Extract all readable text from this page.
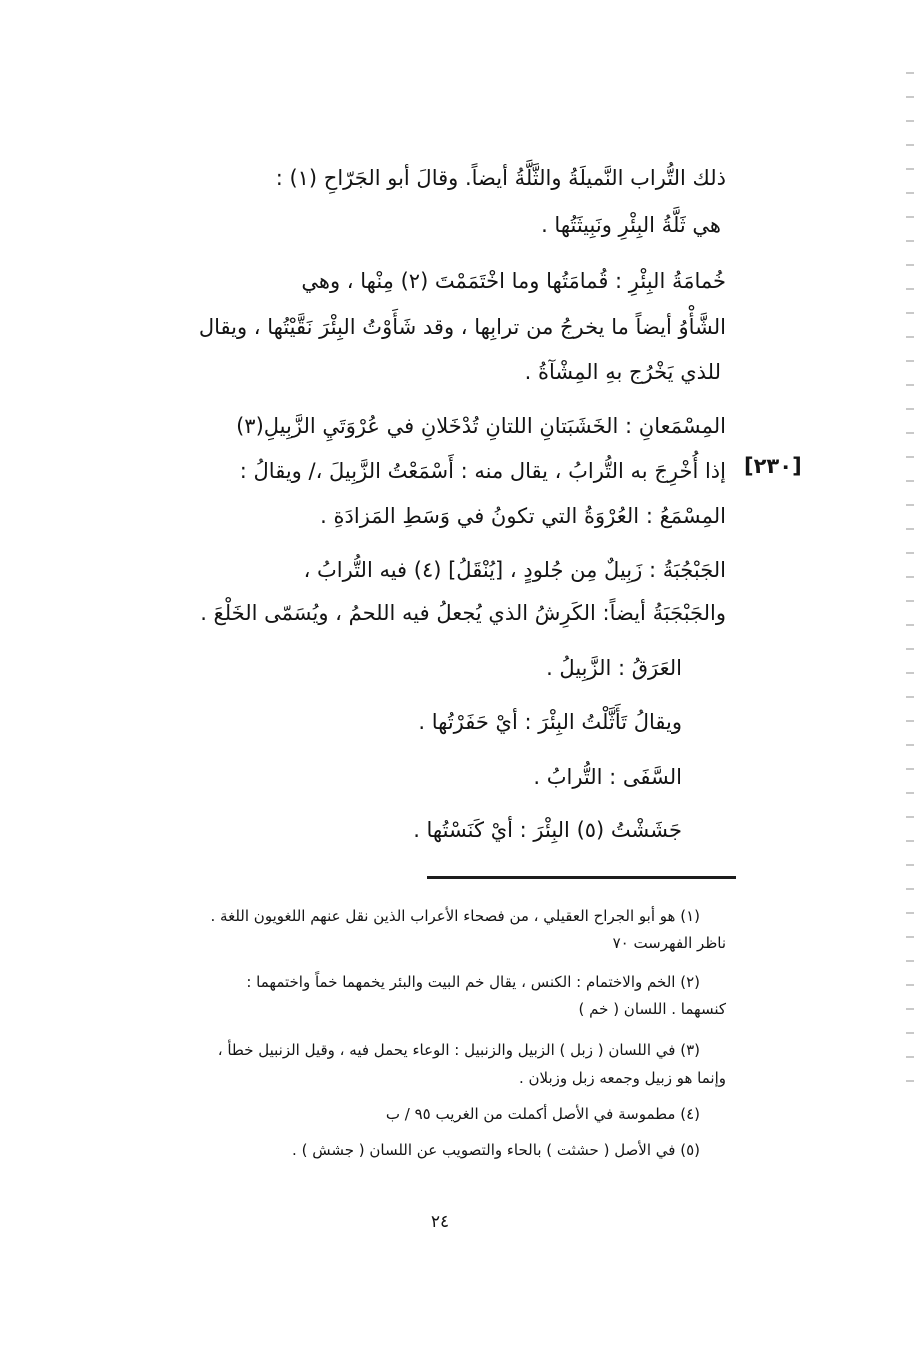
ذلك التُّراب النَّميلَةُ والثَّلَّةُ أيضاً. وقالَ أبو الجَرّاحِ (١) :
هي ثَلَّةُ البِئْرِ ونَبِيثَتُها .
خُمامَةُ البِئْرِ : قُمامَتُها وما اخْتَمَمْتَ (٢) مِنْها ، وهي
الشَّأْوُ أيضاً ما يخرجُ من ترابِها ، وقد شَأَوْتُ البِئْرَ نَقَّيْتُها ، ويقال
للذي يَخْرُج بهِ المِشْآةُ .
المِسْمَعانِ : الخَشَبَتانِ اللتانِ تُدْخَلانِ في عُرْوَتَيِ الزَّبِيلِ(٣)
إذا أُخْرِجَ به التُّرابُ ، يقال منه : أَسْمَعْتُ الزَّبِيلَ ،/ ويقالُ :
المِسْمَعُ : العُرْوَةُ التي تكونُ في وَسَطِ المَزادَةِ .
الجَبْجُبَةُ : زَبِيلٌ مِن جُلودٍ ، [يُنْقَلُ] (٤) فيه التُّرابُ ،
والجَبْجَبَةُ أيضاً: الكَرِشُ الذي يُجعلُ فيه اللحمُ ، ويُسَمّى الخَلْعَ .
العَرَقُ : الزَّبِيلُ .
ويقالُ تَأَثَّلْتُ البِئْرَ : أيْ حَفَرْتُها .
السَّفَى : التُّرابُ .
جَشَشْتُ (٥) البِئْرَ : أيْ كَنَسْتُها .
[٢٣٠]
(١) هو أبو الجراح العقيلي ، من فصحاء الأعراب الذين نقل عنهم اللغويون اللغة .
ناظر الفهرست ٧٠
(٢) الخم والاختمام : الكنس ، يقال خم البيت والبئر يخمهما خماً واختمهما :
كنسهما . اللسان ( خم )
(٣) في اللسان ( زبل ) الزبيل والزنبيل : الوعاء يحمل فيه ، وقيل الزنبيل خطأ ،
وإنما هو زبيل وجمعه زبل وزبلان .
(٤) مطموسة في الأصل أكملت من الغريب ٩٥ / ب
(٥) في الأصل ( حشثت ) بالحاء والتصويب عن اللسان ( جشش ) .
٢٤
